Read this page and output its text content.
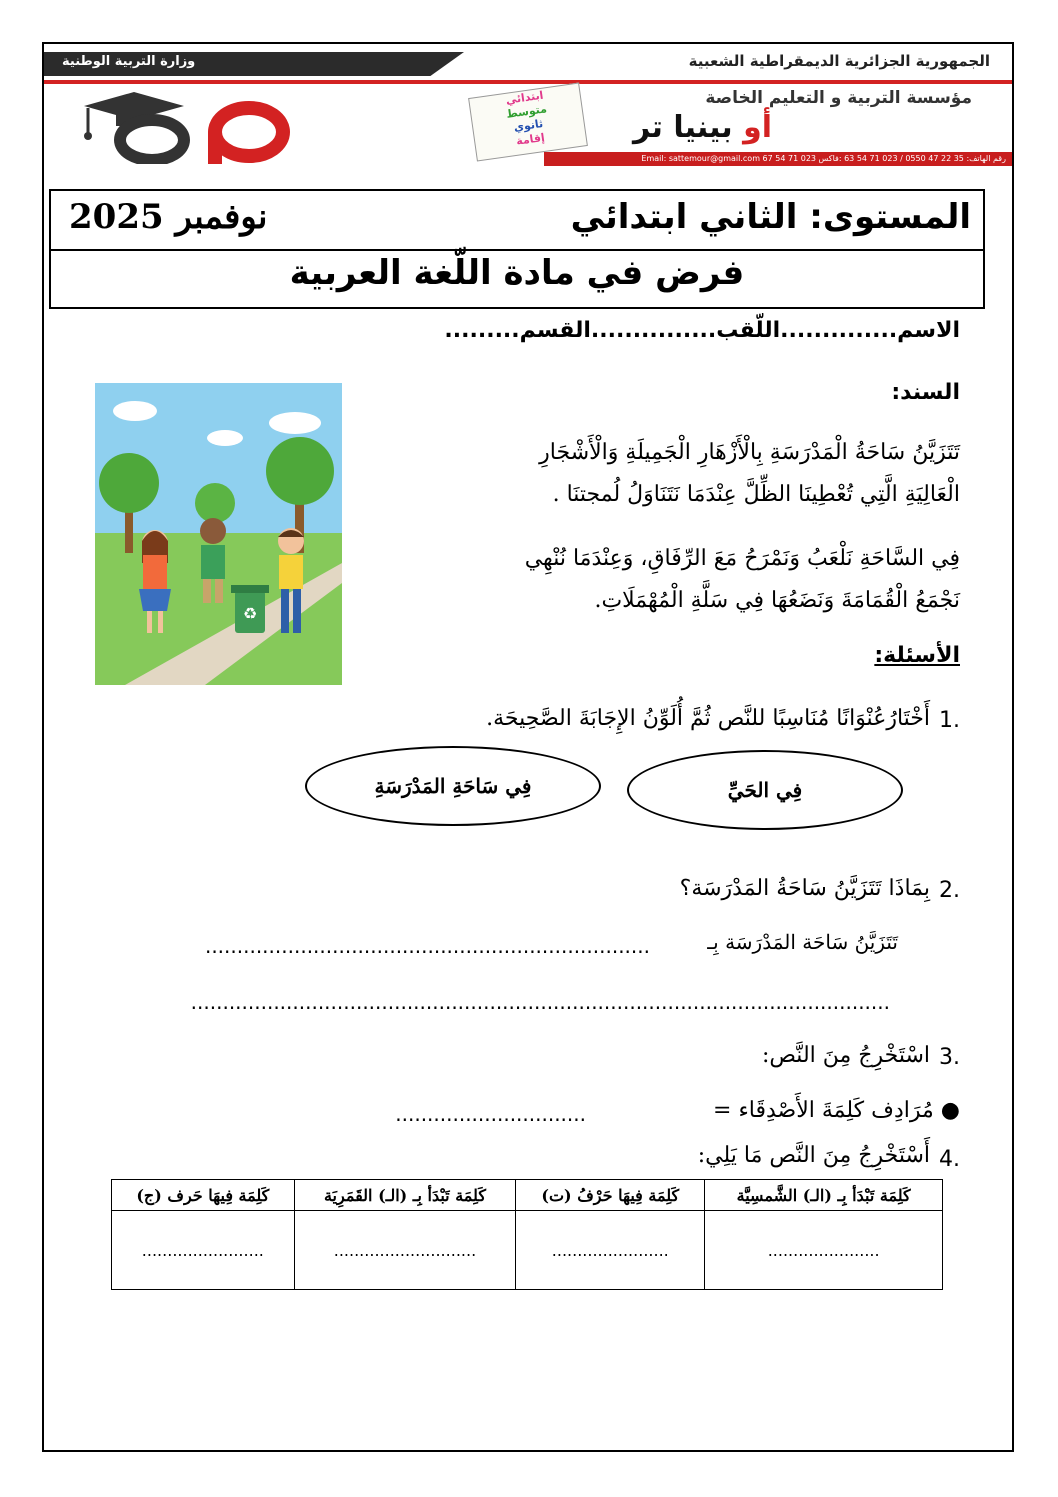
وزارة التربية الوطنية	الجمهورية الجزائرية الديمقراطية الشعبية
مؤسسة التربية و التعليم الخاصة
أو بينيا تر
ابتدائي
متوسط
ثانوي
إقامة
رقم الهاتف: 35 22 47 0550 / 023 71 54 63 :فاكس 023 71 54 67 Email: sattemour@gmail.com
المستوى: الثاني ابتدائي
نوفمبر 2025
فرض في مادة اللّغة العربية
الاسم..............اللّقب...............القسم.........
♻
السند:
تَتَزَيَّنُ سَاحَةُ الْمَدْرَسَةِ بِالْأَزْهَارِ الْجَمِيلَةِ وَالْأَشْجَارِ
الْعَالِيَةِ الَّتِي تُعْطِينَا الظِّلَّ عِنْدَمَا نَتَنَاوَلُ لُمجتنَا .
فِي السَّاحَةِ نَلْعَبُ وَنَمْرَحُ مَعَ الرِّفَاقِ، وَعِنْدَمَا نُنْهِي
نَجْمَعُ الْقُمَامَةَ وَنَضَعُهَا فِي سَلَّةِ الْمُهْمَلَاتِ.
الأسئلة:
1.
أَخْتَارُعُنْوَانًا مُنَاسِبًا للنَّص ثُمَّ أُلَوِّنُ الإِجَابَةَ الصَّحِيحَة.
فِي الحَيِّ
فِي سَاحَةِ المَدْرَسَةِ
2.
بِمَاذَا تَتَزَيَّنُ سَاحَةُ المَدْرَسَة؟
تَتَزَيَّنُ سَاحَة المَدْرَسَة بِـ
......................................................................
..............................................................................................................
3.
اسْتَخْرِجُ مِنَ النَّص:
● مُرَادِف كَلِمَةَ الأَصْدِقَاء =
..............................
4.
أَسْتَخْرِجُ مِنَ النَّص مَا يَلِي:
كَلِمَة تَبْدَأ بِـ (الـ) الشَّمسِيَّة	كَلِمَة فِيهَا حَرْفُ (ت)	كَلِمَة تَبْدَأ بِـ (الـ) القَمَرِيَة	كَلِمَة فِيهَا حَرف (ج)
......................	.......................	............................	........................
